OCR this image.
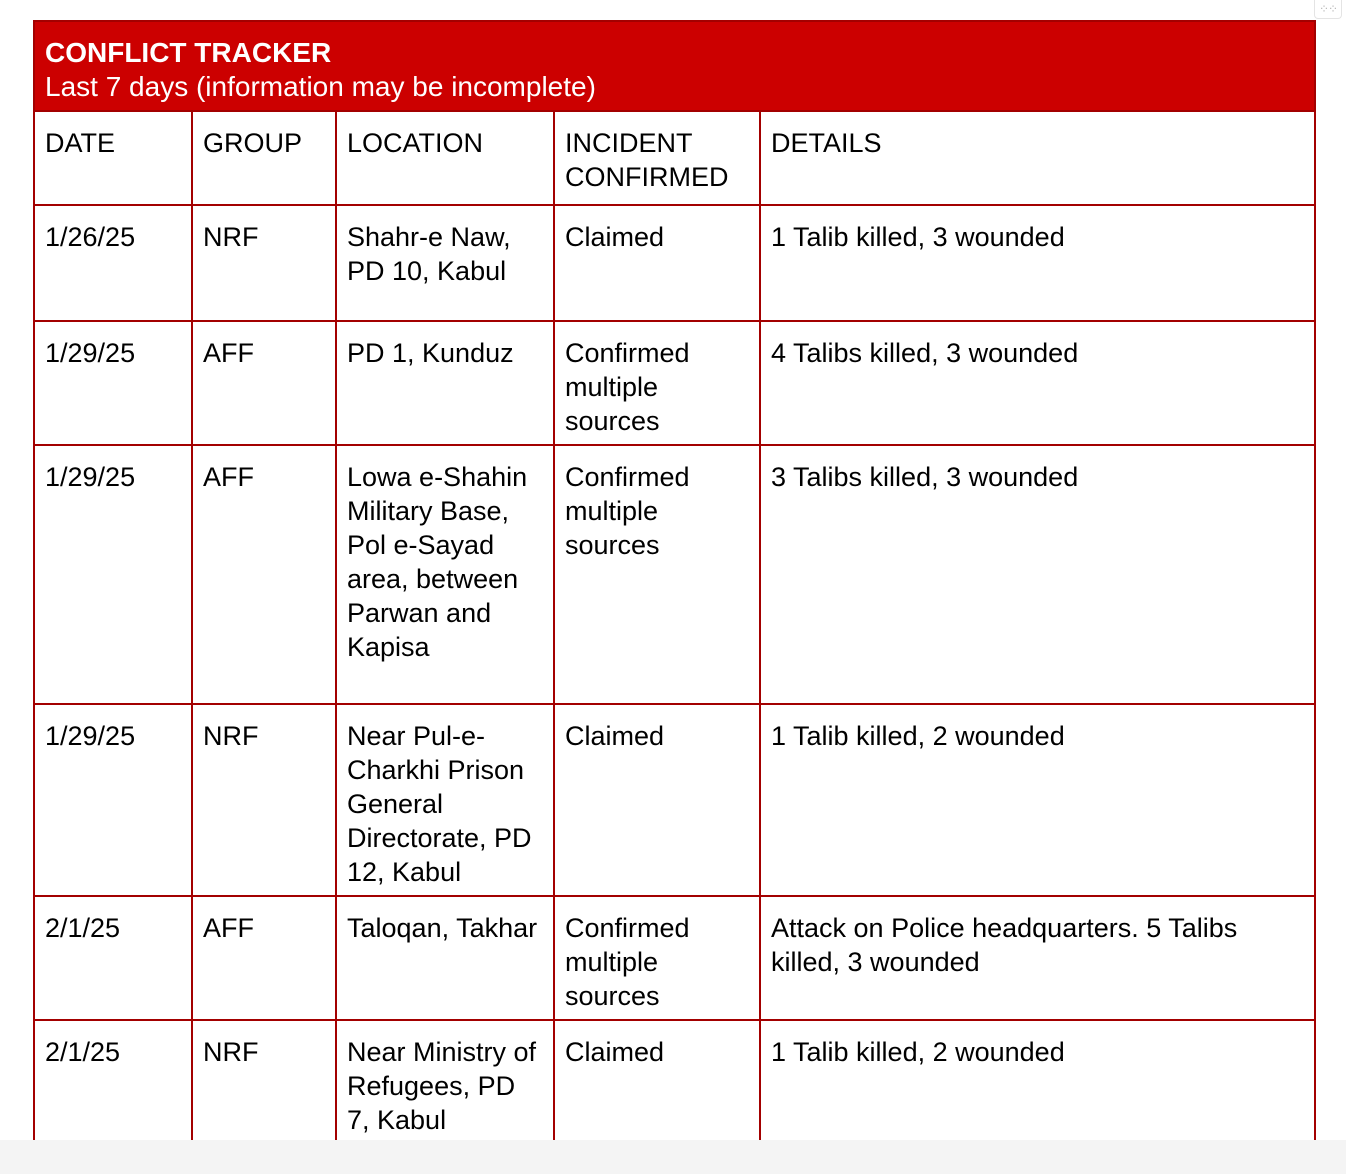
⁘⁘
CONFLICT TRACKER
Last 7 days (information may be incomplete)				

DATE	GROUP	LOCATION	INCIDENT CONFIRMED	DETAILS
1/26/25	NRF	Shahr-e Naw, PD 10, Kabul	Claimed	1 Talib killed, 3 wounded
1/29/25	AFF	PD 1, Kunduz	Confirmed multiple sources	4 Talibs killed, 3 wounded
1/29/25	AFF	Lowa e-Shahin Military Base, Pol e-Sayad area, between Parwan and Kapisa	Confirmed multiple sources	3 Talibs killed, 3 wounded
1/29/25	NRF	Near Pul-e-Charkhi Prison General Directorate, PD 12, Kabul	Claimed	1 Talib killed, 2 wounded
2/1/25	AFF	Taloqan, Takhar	Confirmed multiple sources	Attack on Police headquarters. 5 Talibs killed, 3 wounded
2/1/25	NRF	Near Ministry of Refugees, PD 7, Kabul	Claimed	1 Talib killed, 2 wounded
